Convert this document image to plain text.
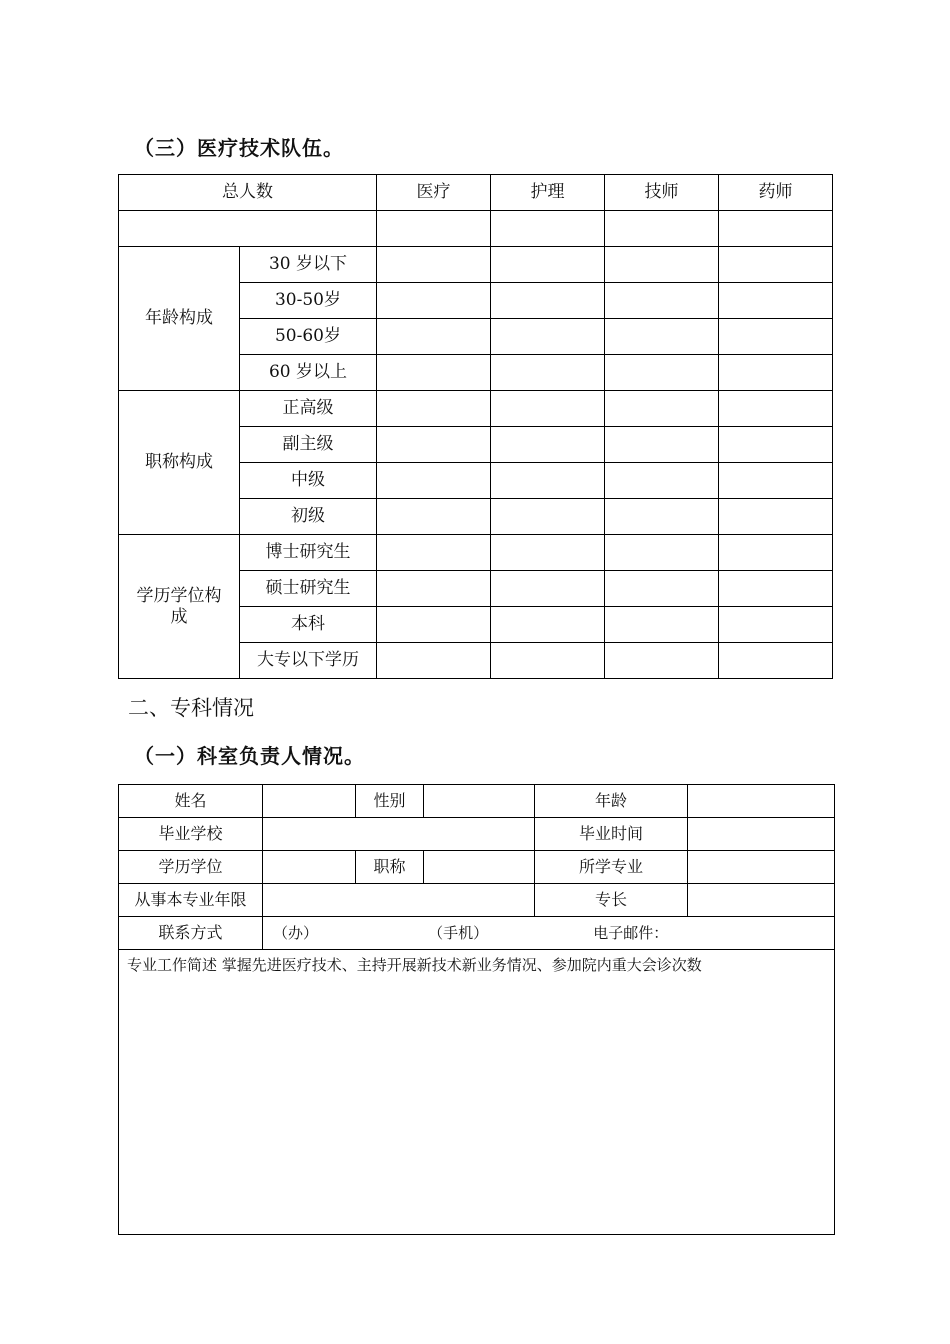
（三）医疗技术队伍。
总人数		医疗	护理	技师	药师

年龄构成	30 岁以下				
	30-50岁				
	50-60岁				
	60 岁以上				
职称构成	正高级				
	副主级				
	中级				
	初级				
学历学位构
成	博士研究生				
	硕士研究生				
	本科				
	大专以下学历				
二、专科情况
（一）科室负责人情况。
姓名		性别		年龄	
毕业学校				毕业时间	
学历学位		职称		所学专业	
从事本专业年限				专长	
联系方式	（办） （手机） 电子邮件：				
专业工作简述 掌握先进医疗技术、主持开展新技术新业务情况、参加院内重大会诊次数					
